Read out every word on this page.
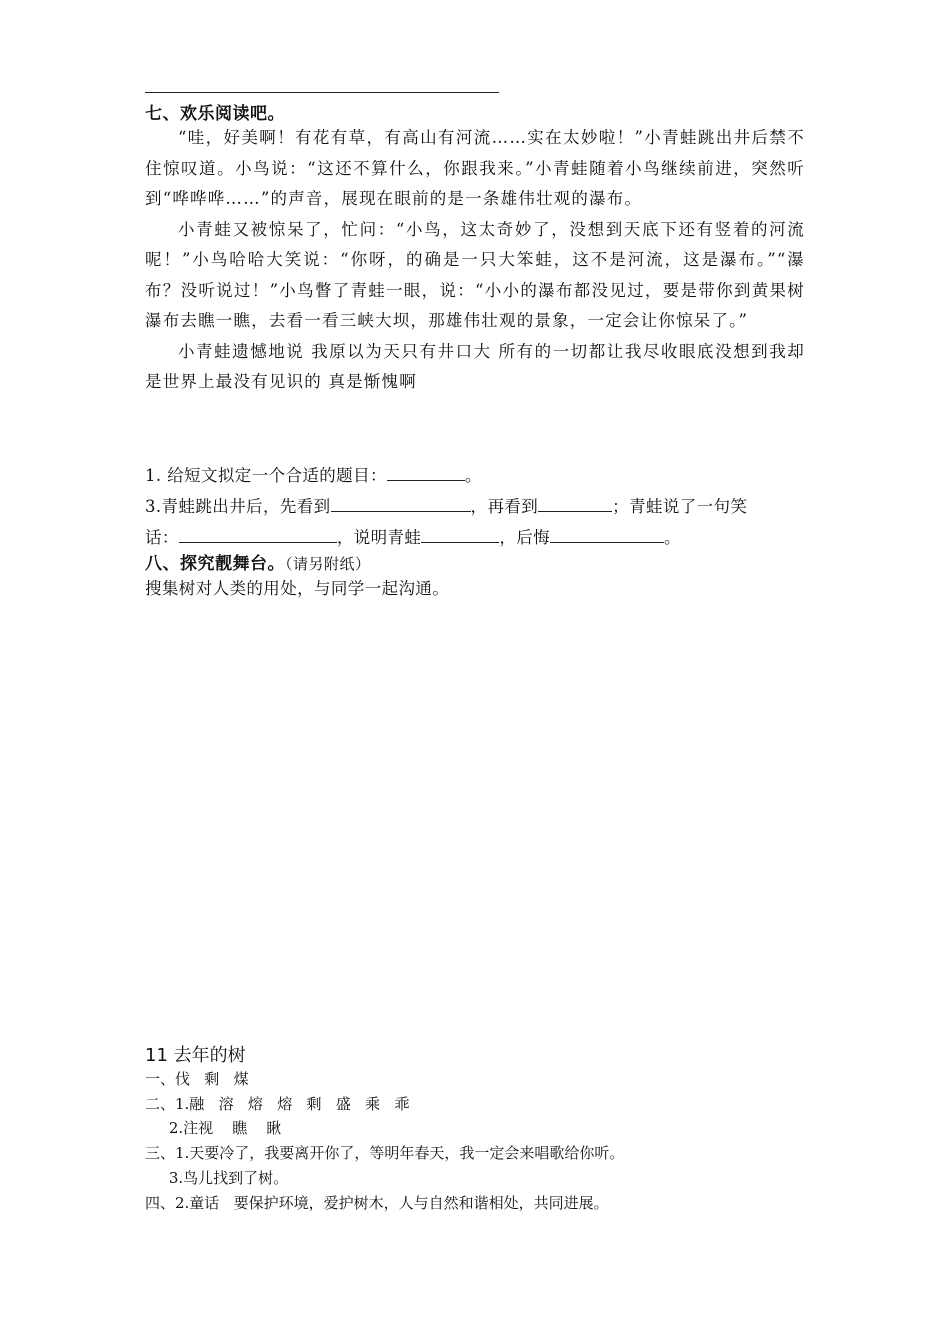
七、欢乐阅读吧。

“哇，好美啊！有花有草，有高山有河流……实在太妙啦！”小青蛙跳出井后禁不住惊叹道。小鸟说：“这还不算什么，你跟我来。”小青蛙随着小鸟继续前进，突然听到“哗哗哗……”的声音，展现在眼前的是一条雄伟壮观的瀑布。

小青蛙又被惊呆了，忙问：“小鸟，这太奇妙了，没想到天底下还有竖着的河流呢！”小鸟哈哈大笑说：“你呀，的确是一只大笨蛙，这不是河流，这是瀑布。”“瀑布？没听说过！”小鸟瞥了青蛙一眼，说：“小小的瀑布都没见过，要是带你到黄果树瀑布去瞧一瞧，去看一看三峡大坝，那雄伟壮观的景象，一定会让你惊呆了。”

小青蛙遗憾地说 我原以为天只有井口大 所有的一切都让我尽收眼底没想到我却是世界上最没有见识的 真是惭愧啊

1. 给短文拟定一个合适的题目：	。

3.青蛙跳出井后，先看到	，再看到	；青蛙说了一句笑
话：	，说明青蛙	，后悔	。

八、探究靓舞台。（请另附纸）
搜集树对人类的用处，与同学一起沟通。
11 去年的树

一、伐   剩   煤

二、1.融   溶   熔   熔   剩   盛   乘   乖

2.注视    瞧    瞅

三、1.天要冷了，我要离开你了，等明年春天，我一定会来唱歌给你听。

3.鸟儿找到了树。

四、2.童话   要保护环境，爱护树木，人与自然和谐相处，共同进展。
